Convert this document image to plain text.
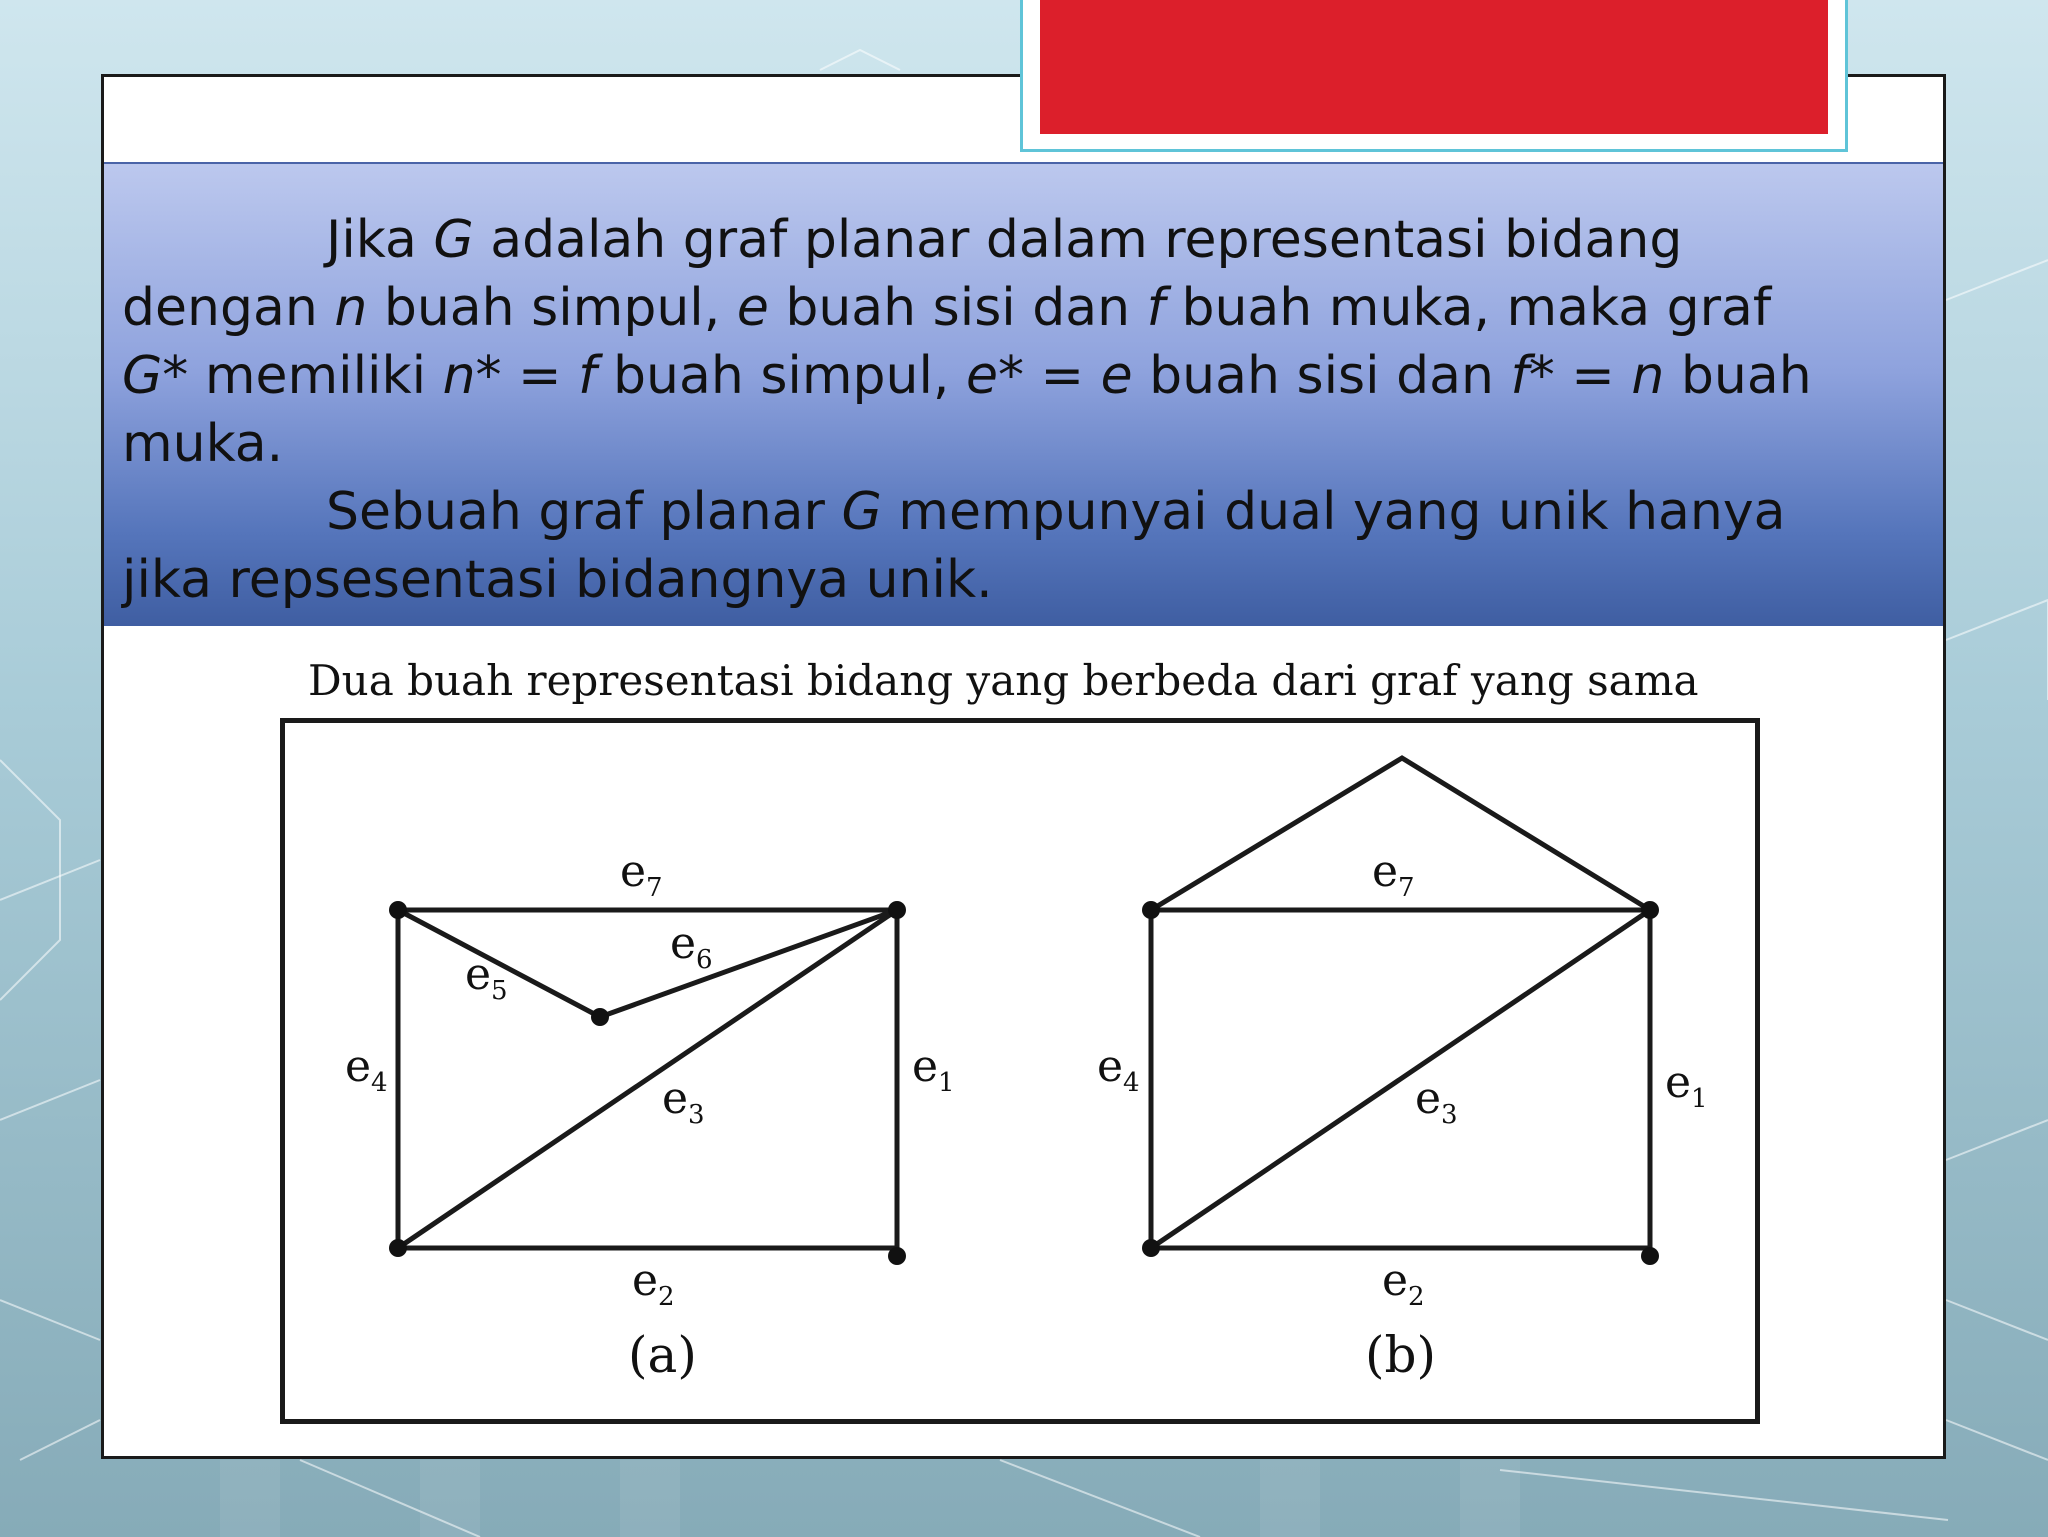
Jika G adalah graf planar dalam representasi bidang
dengan n buah simpul, e buah sisi dan f buah muka, maka graf
G* memiliki n* = f buah simpul, e* = e buah sisi dan f* = n buah
muka.
Sebuah graf planar G mempunyai dual yang unik hanya
jika repsesentasi bidangnya unik.

Dua buah representasi bidang yang berbeda dari graf yang sama

$e_7$
$e_6$
$e_5$
$e_4$	$e_1$
$e_3$
$e_2$
(a)
$e_7$
$e_4$	$e_1$
$e_3$
$e_2$
(b)
